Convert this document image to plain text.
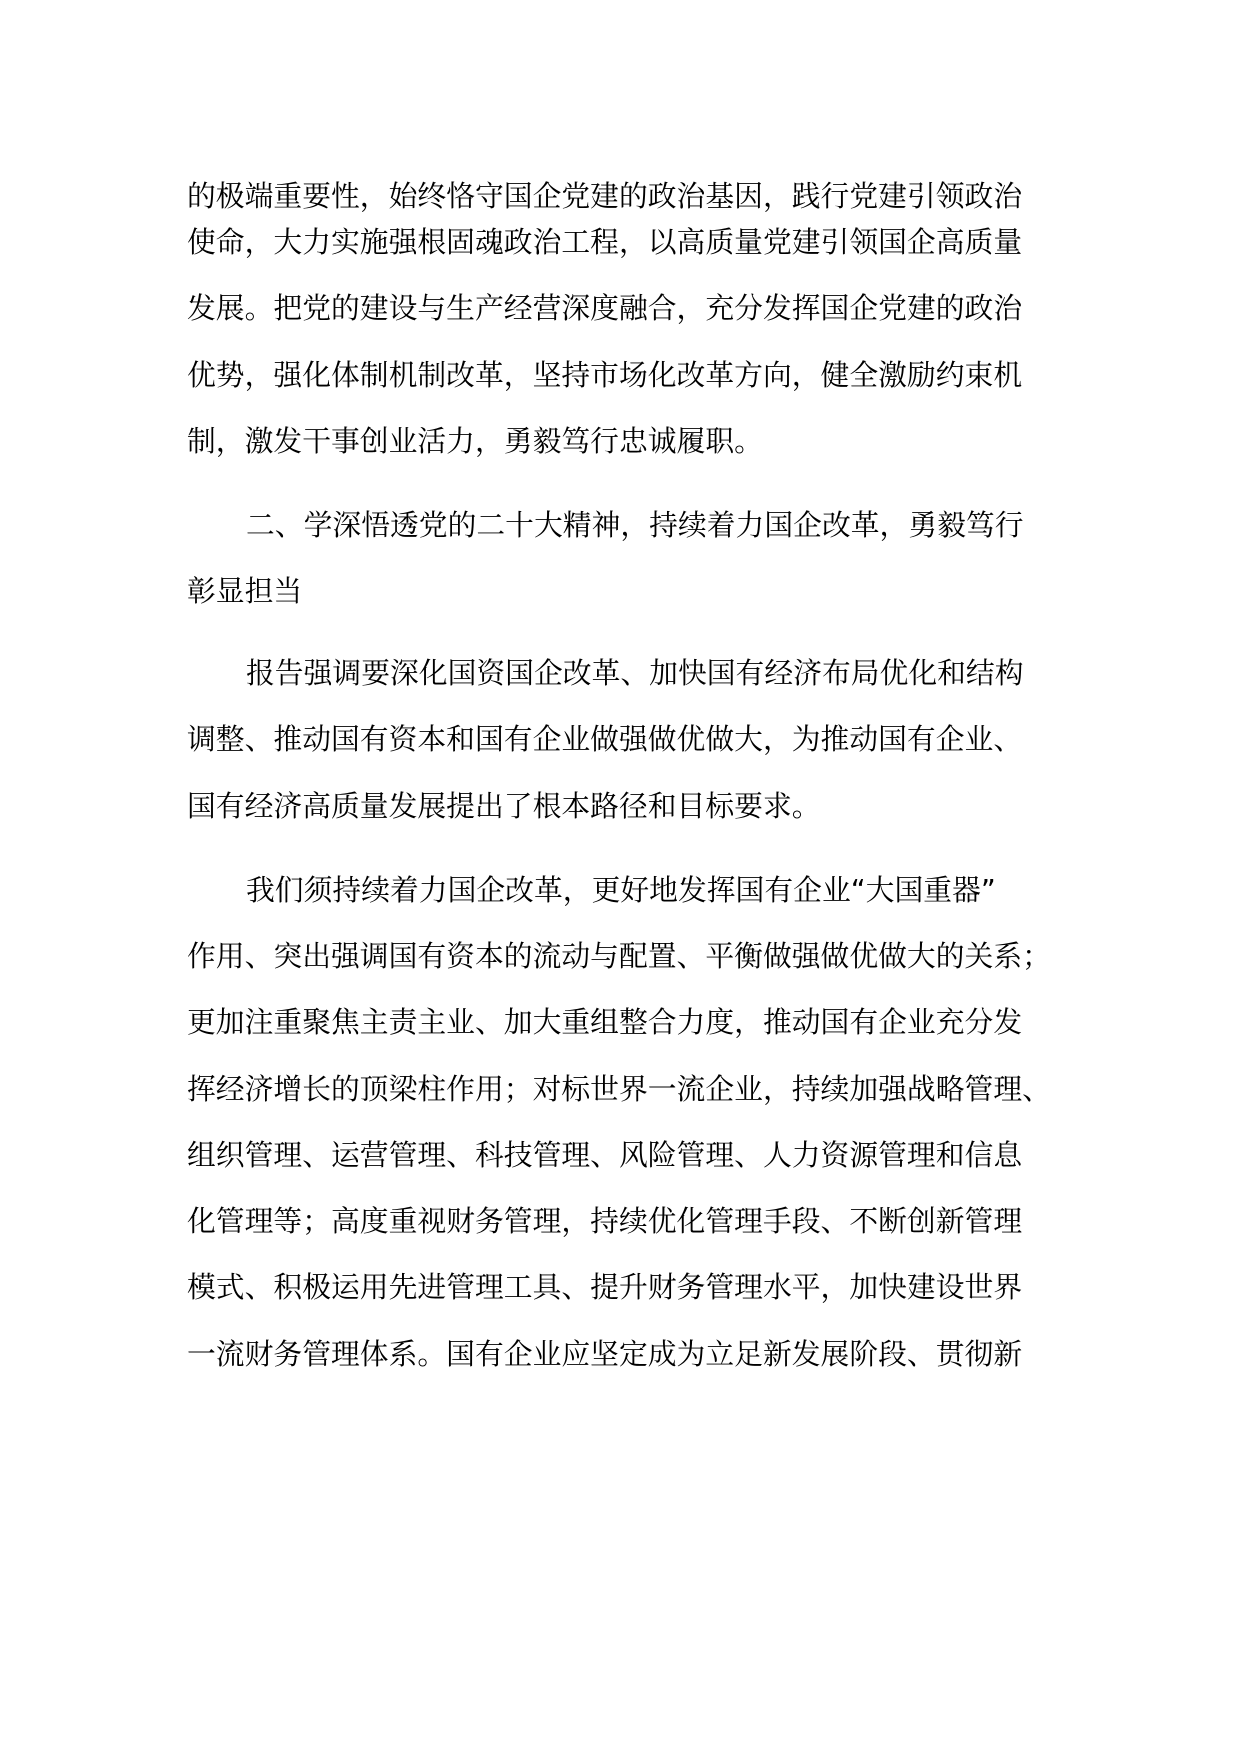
的极端重要性，始终恪守国企党建的政治基因，践行党建引领政治
使命，大力实施强根固魂政治工程，以高质量党建引领国企高质量
发展。把党的建设与生产经营深度融合，充分发挥国企党建的政治
优势，强化体制机制改革，坚持市场化改革方向，健全激励约束机
制，激发干事创业活力，勇毅笃行忠诚履职。
二、学深悟透党的二十大精神，持续着力国企改革，勇毅笃行
彰显担当
报告强调要深化国资国企改革、加快国有经济布局优化和结构
调整、推动国有资本和国有企业做强做优做大，为推动国有企业、
国有经济高质量发展提出了根本路径和目标要求。
我们须持续着力国企改革，更好地发挥国有企业“大国重器”
作用、突出强调国有资本的流动与配置、平衡做强做优做大的关系；
更加注重聚焦主责主业、加大重组整合力度，推动国有企业充分发
挥经济增长的顶梁柱作用；对标世界一流企业，持续加强战略管理、
组织管理、运营管理、科技管理、风险管理、人力资源管理和信息
化管理等；高度重视财务管理，持续优化管理手段、不断创新管理
模式、积极运用先进管理工具、提升财务管理水平，加快建设世界
一流财务管理体系。国有企业应坚定成为立足新发展阶段、贯彻新
